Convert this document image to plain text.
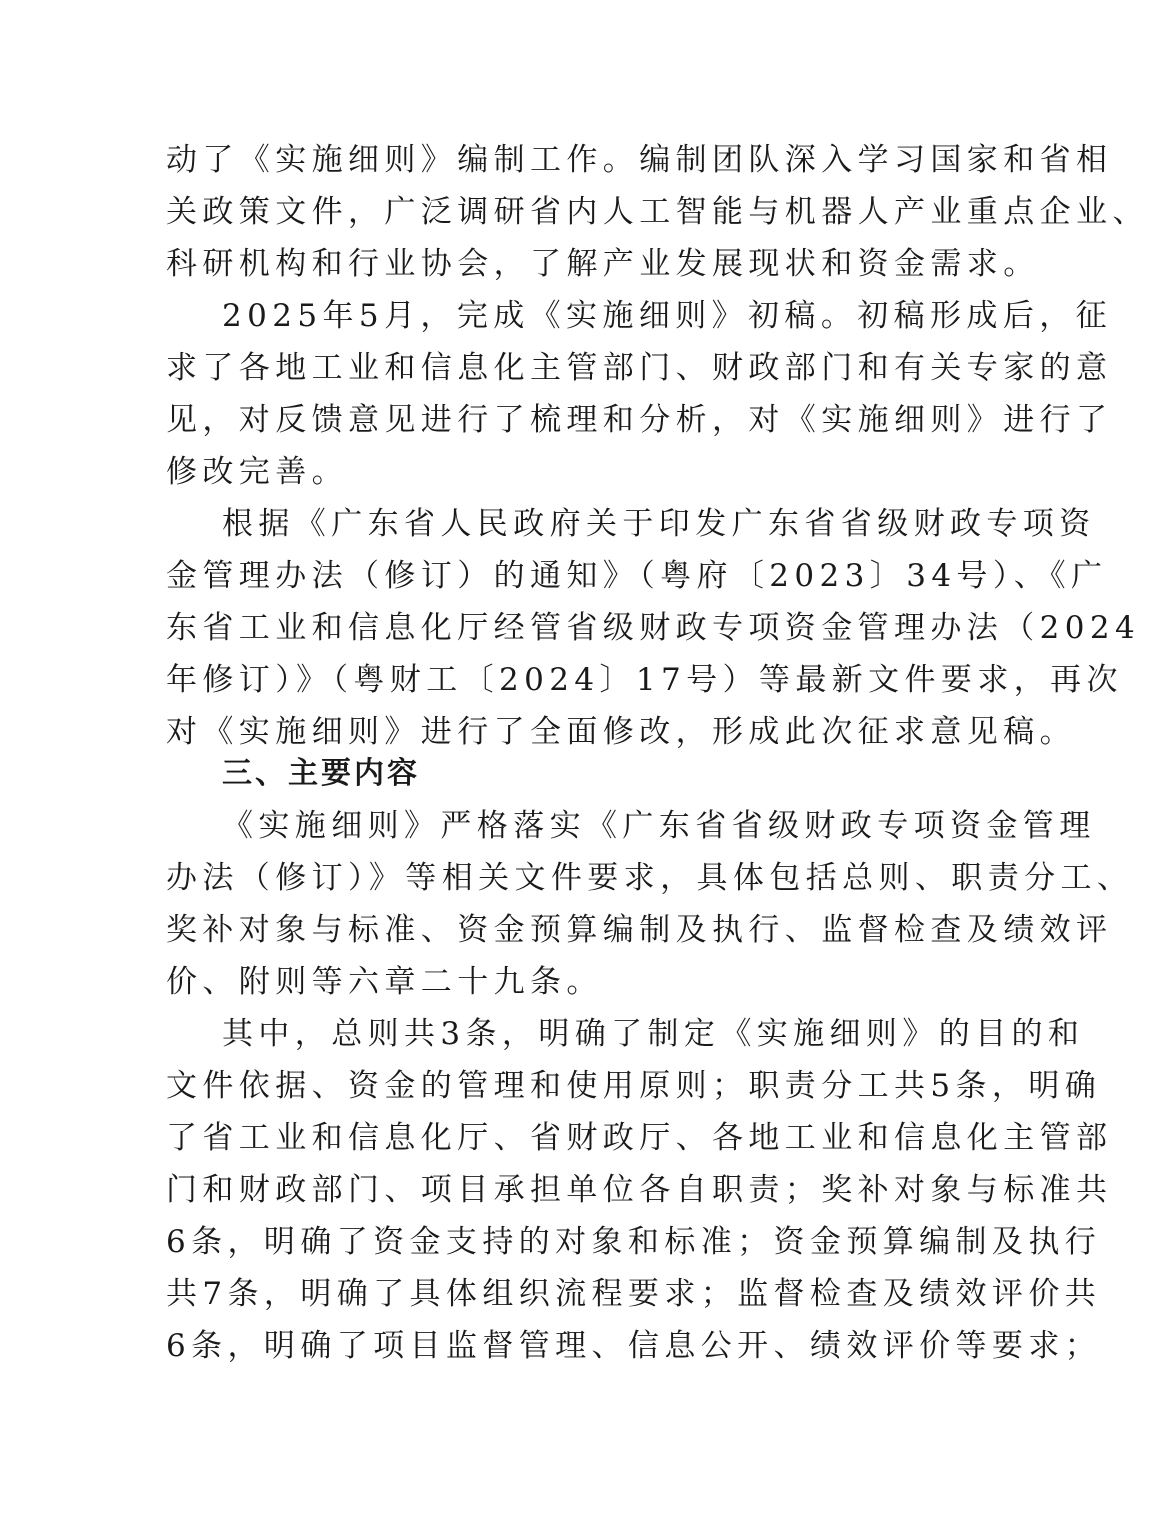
动了《实施细则》编制工作。编制团队深入学习国家和省相
关政策文件，广泛调研省内人工智能与机器人产业重点企业、
科研机构和行业协会，了解产业发展现状和资金需求。
2025年5月，完成《实施细则》初稿。初稿形成后，征
求了各地工业和信息化主管部门、财政部门和有关专家的意
见，对反馈意见进行了梳理和分析，对《实施细则》进行了
修改完善。
根据《广东省人民政府关于印发广东省省级财政专项资
金管理办法（修订）的通知》（粤府〔2023〕34号）、《广
东省工业和信息化厅经管省级财政专项资金管理办法（2024
年修订）》（粤财工〔2024〕17号）等最新文件要求，再次
对《实施细则》进行了全面修改，形成此次征求意见稿。
三、主要内容
《实施细则》严格落实《广东省省级财政专项资金管理
办法（修订）》等相关文件要求，具体包括总则、职责分工、
奖补对象与标准、资金预算编制及执行、监督检查及绩效评
价、附则等六章二十九条。
其中，总则共3条，明确了制定《实施细则》的目的和
文件依据、资金的管理和使用原则；职责分工共5条，明确
了省工业和信息化厅、省财政厅、各地工业和信息化主管部
门和财政部门、项目承担单位各自职责；奖补对象与标准共
6条，明确了资金支持的对象和标准；资金预算编制及执行
共7条，明确了具体组织流程要求；监督检查及绩效评价共
6条，明确了项目监督管理、信息公开、绩效评价等要求；
